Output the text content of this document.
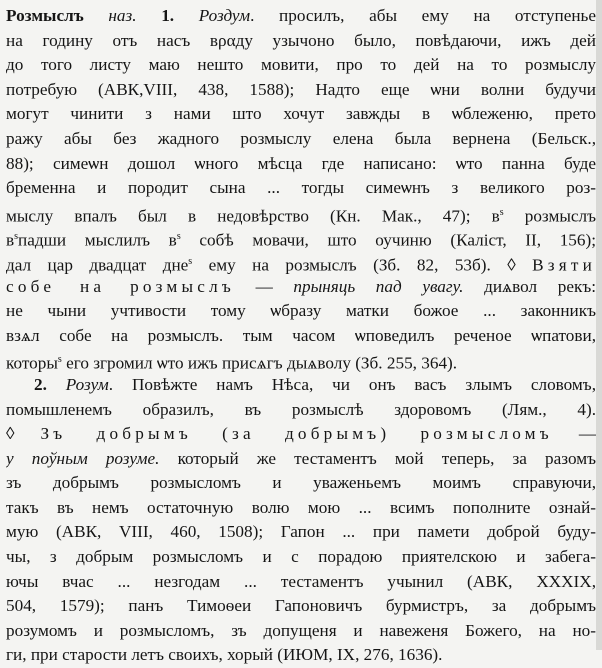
Розмыслъ наз. 1. Роздум. просилъ, абы ему на отступенье
на годину отъ насъ вραду узычоно было, повѣдаючи, ижъ дей
до того листу маю нешто мовити, про то дей на то розмыслу
потребую (АВК,VIII, 438, 1588); Надто еще ѡни волни будучи
могут чинити з нами што хочут завжды в ѡблеженю, прето
ражу абы без жадного розмыслу елена была вернена (Бельск.,
88); симеѡн дошол ѡного мѣсца где написано: ѡто панна буде
бременна и породит сына ... тогды симеѡнъ з великого роз-
мыслу впалъ был в недовѣрство (Кн. Мак., 47); $в^s$ розмыслъ
$в^sпадши$ мыслилъ $в^s$ собѣ мовачи, што оучиню (Каліст, II, 156);
дал цар двадцат дне$^s$ ему на розмыслъ (Зб. 82, 53б). ◊ Взяти
собе на розмыслъ — прыняць пад увагу. диѧвол рекъ:
не чыни учтивости тому ѡбразу матки божое ... законникъ
взѧл собе на розмыслъ. тым часом ѡповедилъ реченое ѡпатови,
которы$^s$ его згромил ѡто ижъ присѧгъ дыѧволу (Зб. 255, 364).
2. Розум. Повѣжте намъ Нѣса, чи онъ васъ злымъ словомъ,
помышленемъ образилъ, въ розмыслѣ здоровомъ (Лям., 4).
◊ Зъ добрымъ (за добрымъ) розмысломъ —
у поўным розуме. который же тестаментъ мой теперь, за разомъ
зъ добрымъ розмысломъ и уваженьемъ моимъ справуючи,
такъ въ немъ остаточную волю мою ... всимъ пополните ознай-
мую (АВК, VIII, 460, 1508); Гапон ... при памети доброй будy-
чы, з добрым розмысломъ и с порадою приятелскою и забега-
ючы вчас ... незгодам ... тестаментъ учынил (АВК, XXXIX,
504, 1579); панъ Тимоѳеи Гапоновичъ бурмистръ, за добрымъ
розумомъ и розмысломъ, зъ допущеня и навеженя Божего, на но-
ги, при старости летъ своихъ, хорый (ИЮМ, IX, 276, 1636).
